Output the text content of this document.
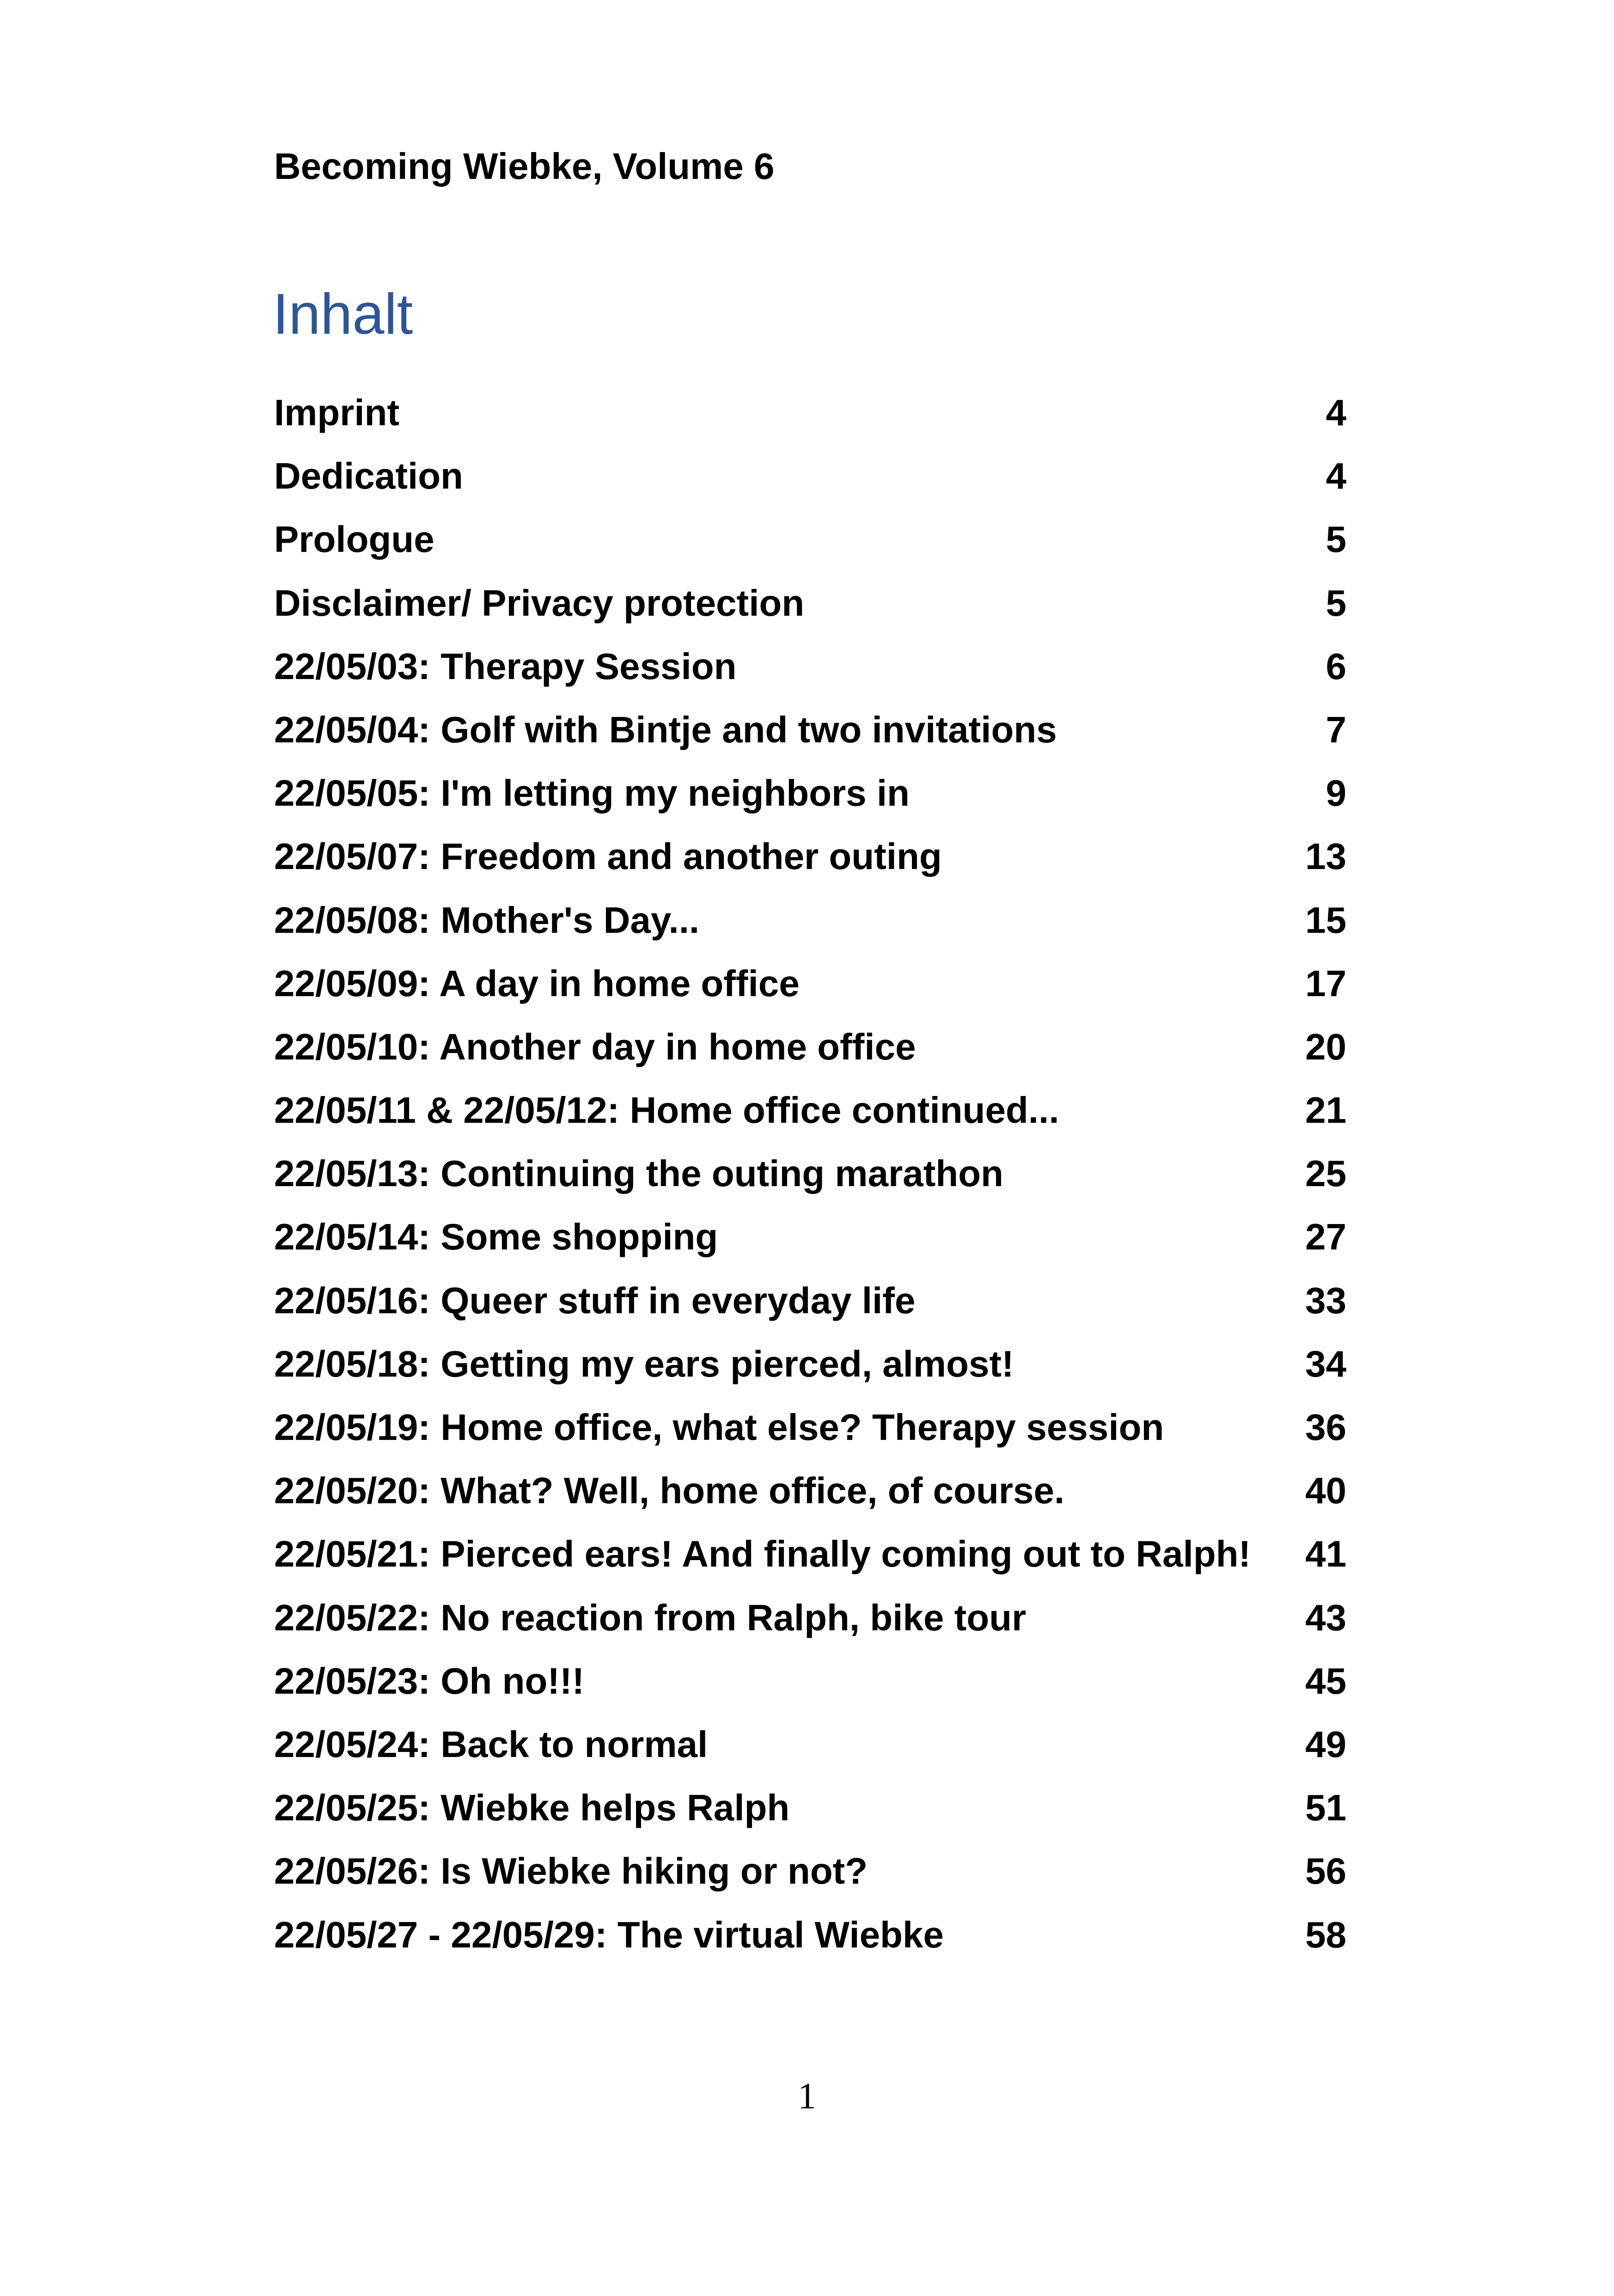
Becoming Wiebke, Volume 6
Inhalt
Imprint	4
Dedication	4
Prologue	5
Disclaimer/ Privacy protection	5
22/05/03: Therapy Session	6
22/05/04: Golf with Bintje and two invitations	7
22/05/05: I'm letting my neighbors in	9
22/05/07: Freedom and another outing	13
22/05/08: Mother's Day...	15
22/05/09: A day in home office	17
22/05/10: Another day in home office	20
22/05/11 & 22/05/12: Home office continued...	21
22/05/13: Continuing the outing marathon	25
22/05/14: Some shopping	27
22/05/16: Queer stuff in everyday life	33
22/05/18: Getting my ears pierced, almost!	34
22/05/19: Home office, what else? Therapy session	36
22/05/20: What? Well, home office, of course.	40
22/05/21: Pierced ears! And finally coming out to Ralph!	41
22/05/22: No reaction from Ralph, bike tour	43
22/05/23: Oh no!!!	45
22/05/24: Back to normal	49
22/05/25: Wiebke helps Ralph	51
22/05/26: Is Wiebke hiking or not?	56
22/05/27 - 22/05/29: The virtual Wiebke	58
1
